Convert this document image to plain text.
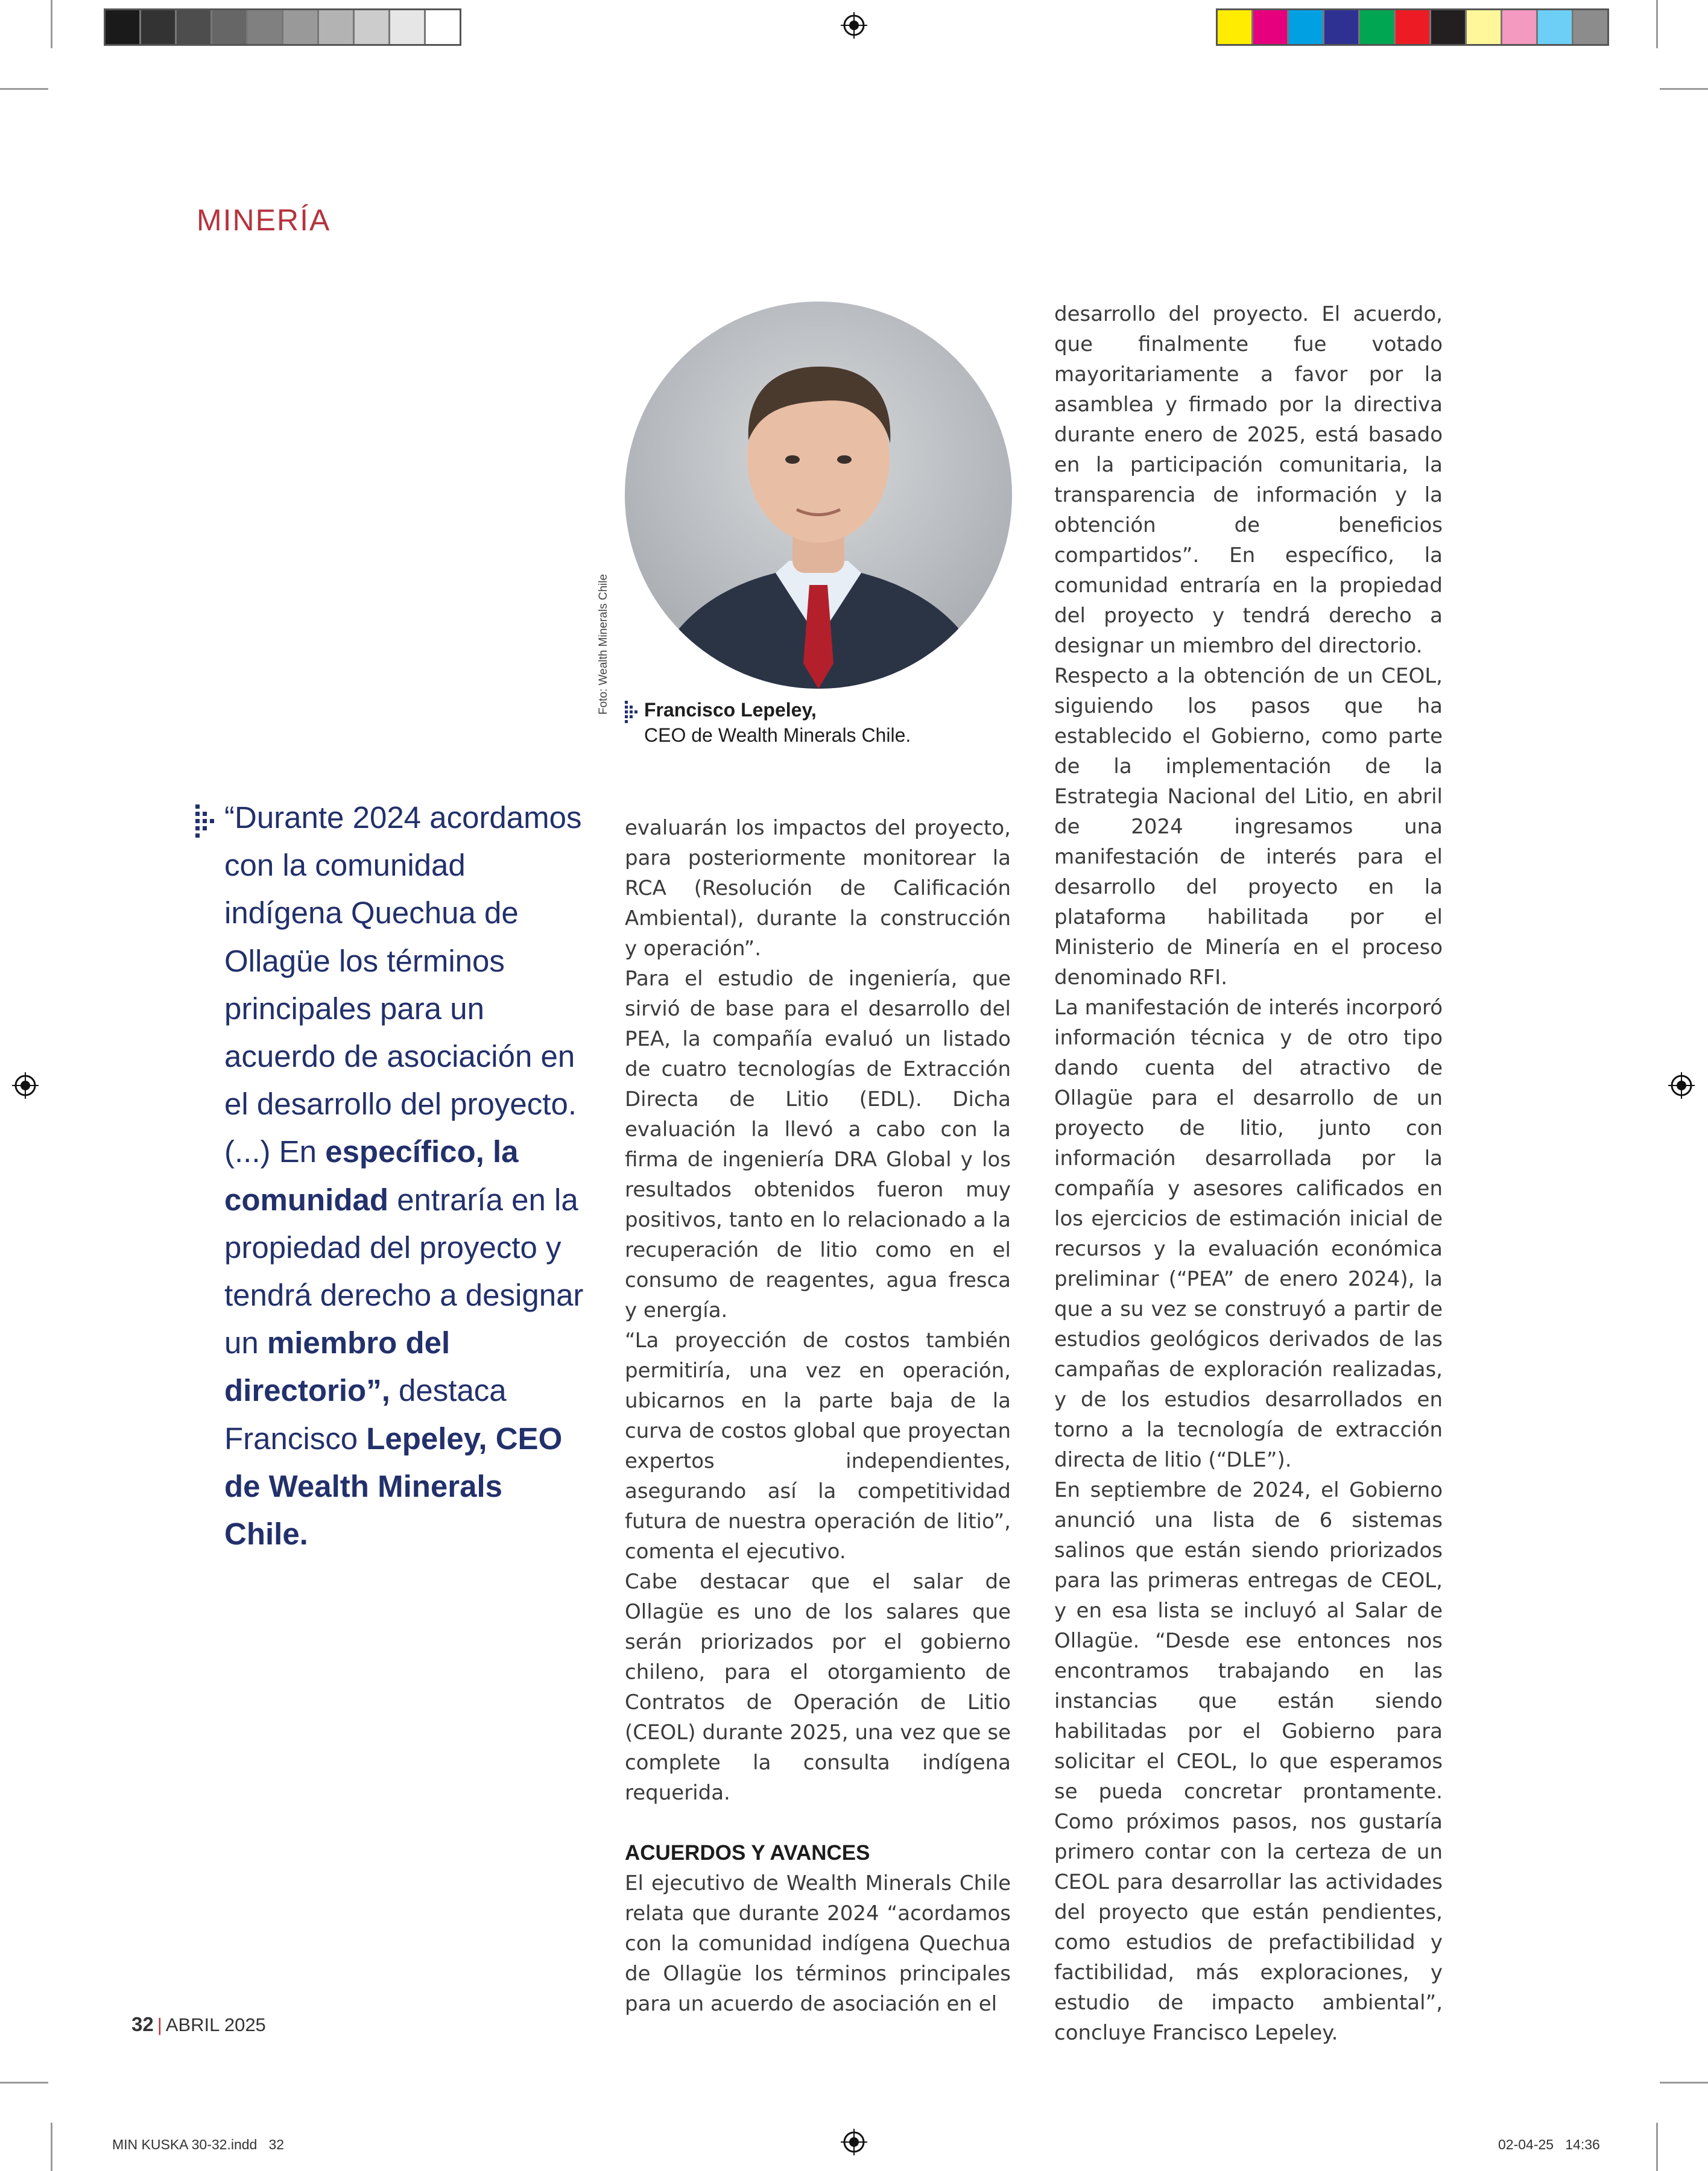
MINERÍA
Foto: Wealth Minerals Chile Francisco Lepeley,
CEO de Wealth Minerals Chile.
“Durante 2024 acordamos con la comunidad indígena Quechua de Ollagüe los términos principales para un acuerdo de asociación en el desarrollo del proyecto. (...) En específico, la comunidad entraría en la propiedad del proyecto y tendrá derecho a designar un miembro del directorio”, destaca Francisco Lepeley, CEO de Wealth Minerals Chile.

evaluarán los impactos del proyecto, para posteriormente monitorear la RCA (Resolución de Calificación Ambiental), durante la construcción y operación”.

Para el estudio de ingeniería, que sirvió de base para el desarrollo del PEA, la compañía evaluó un listado de cuatro tecnologías de Extracción Directa de Litio (EDL). Dicha evaluación la llevó a cabo con la firma de ingeniería DRA Global y los resultados obtenidos fueron muy positivos, tanto en lo relacionado a la recuperación de litio como en el consumo de reagentes, agua fresca y energía.

“La proyección de costos también permitiría, una vez en operación, ubicarnos en la parte baja de la curva de costos global que proyectan expertos independientes, asegurando así la competitividad futura de nuestra operación de litio”, comenta el ejecutivo.

Cabe destacar que el salar de Ollagüe es uno de los salares que serán priorizados por el gobierno chileno, para el otorgamiento de Contratos de Operación de Litio (CEOL) durante 2025, una vez que se complete la consulta indígena requerida.

ACUERDOS Y AVANCES

El ejecutivo de Wealth Minerals Chile relata que durante 2024 “acordamos con la comunidad indígena Quechua de Ollagüe los términos principales para un acuerdo de asociación en el

desarrollo del proyecto. El acuerdo, que finalmente fue votado mayoritariamente a favor por la asamblea y firmado por la directiva durante enero de 2025, está basado en la participación comunitaria, la transparencia de información y la obtención de beneficios compartidos”. En específico, la comunidad entraría en la propiedad del proyecto y tendrá derecho a designar un miembro del directorio.

Respecto a la obtención de un CEOL, siguiendo los pasos que ha establecido el Gobierno, como parte de la implementación de la Estrategia Nacional del Litio, en abril de 2024 ingresamos una manifestación de interés para el desarrollo del proyecto en la plataforma habilitada por el Ministerio de Minería en el proceso denominado RFI.

La manifestación de interés incorporó información técnica y de otro tipo dando cuenta del atractivo de Ollagüe para el desarrollo de un proyecto de litio, junto con información desarrollada por la compañía y asesores calificados en los ejercicios de estimación inicial de recursos y la evaluación económica preliminar (“PEA” de enero 2024), la que a su vez se construyó a partir de estudios geológicos derivados de las campañas de exploración realizadas, y de los estudios desarrollados en torno a la tecnología de extracción directa de litio (“DLE”).

En septiembre de 2024, el Gobierno anunció una lista de 6 sistemas salinos que están siendo priorizados para las primeras entregas de CEOL, y en esa lista se incluyó al Salar de Ollagüe. “Desde ese entonces nos encontramos trabajando en las instancias que están siendo habilitadas por el Gobierno para solicitar el CEOL, lo que esperamos se pueda concretar prontamente. Como próximos pasos, nos gustaría primero contar con la certeza de un CEOL para desarrollar las actividades del proyecto que están pendientes, como estudios de prefactibilidad y factibilidad, más exploraciones, y estudio de impacto ambiental”, concluye Francisco Lepeley.

32 | ABRIL 2025
MIN KUSKA 30-32.indd   32	02-04-25   14:36
